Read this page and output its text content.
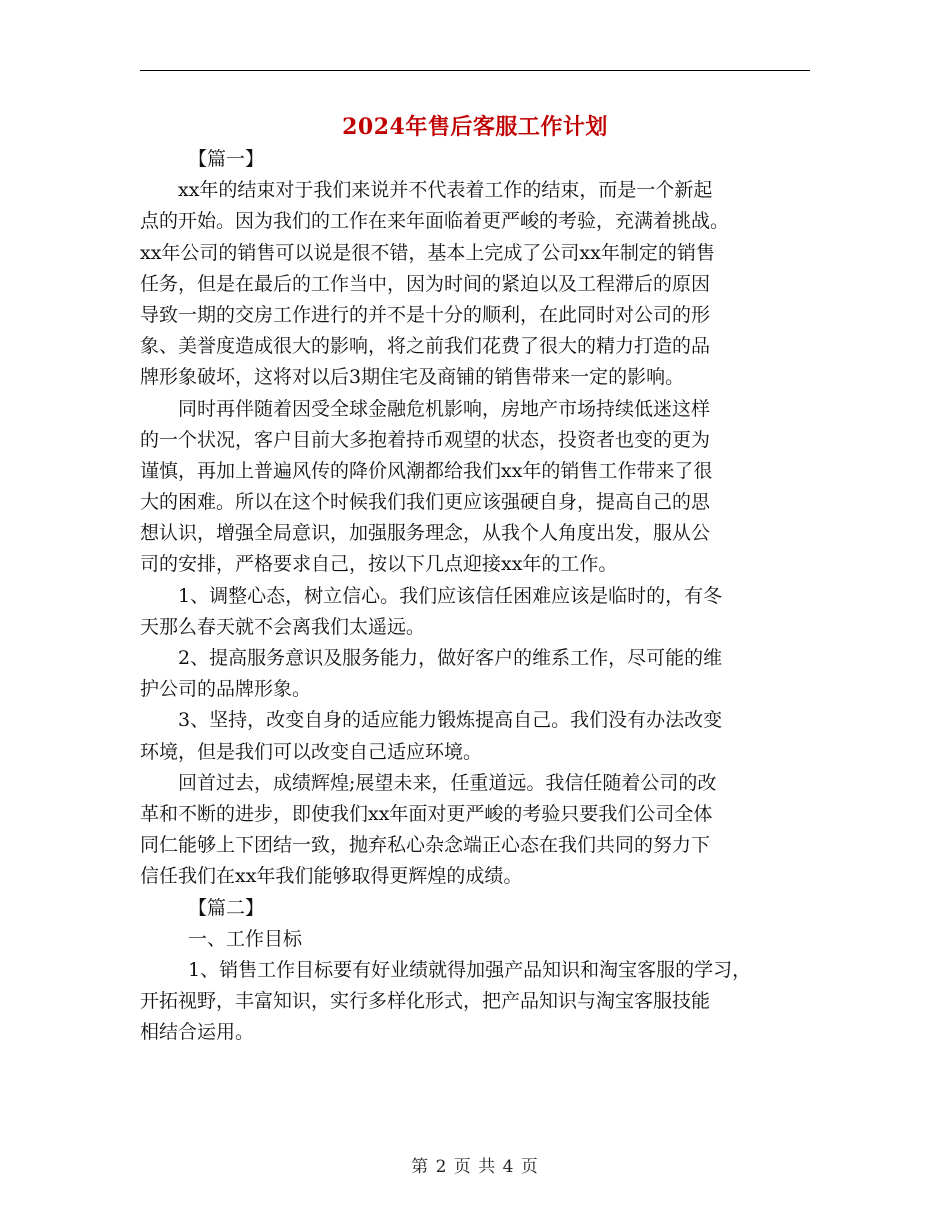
2024年售后客服工作计划
【篇一】
xx年的结束对于我们来说并不代表着工作的结束，而是一个新起
点的开始。因为我们的工作在来年面临着更严峻的考验，充满着挑战。
xx年公司的销售可以说是很不错，基本上完成了公司xx年制定的销售
任务，但是在最后的工作当中，因为时间的紧迫以及工程滞后的原因
导致一期的交房工作进行的并不是十分的顺利，在此同时对公司的形
象、美誉度造成很大的影响，将之前我们花费了很大的精力打造的品
牌形象破坏，这将对以后3期住宅及商铺的销售带来一定的影响。
同时再伴随着因受全球金融危机影响，房地产市场持续低迷这样
的一个状况，客户目前大多抱着持币观望的状态，投资者也变的更为
谨慎，再加上普遍风传的降价风潮都给我们xx年的销售工作带来了很
大的困难。所以在这个时候我们我们更应该强硬自身，提高自己的思
想认识，增强全局意识，加强服务理念，从我个人角度出发，服从公
司的安排，严格要求自己，按以下几点迎接xx年的工作。
1、调整心态，树立信心。我们应该信任困难应该是临时的，有冬
天那么春天就不会离我们太遥远。
2、提高服务意识及服务能力，做好客户的维系工作，尽可能的维
护公司的品牌形象。
3、坚持，改变自身的适应能力锻炼提高自己。我们没有办法改变
环境，但是我们可以改变自己适应环境。
回首过去，成绩辉煌;展望未来，任重道远。我信任随着公司的改
革和不断的进步，即使我们xx年面对更严峻的考验只要我们公司全体
同仁能够上下团结一致，抛弃私心杂念端正心态在我们共同的努力下
信任我们在xx年我们能够取得更辉煌的成绩。
【篇二】
一、工作目标
1、销售工作目标要有好业绩就得加强产品知识和淘宝客服的学习，
开拓视野，丰富知识，实行多样化形式，把产品知识与淘宝客服技能
相结合运用。
第 2 页 共 4 页
